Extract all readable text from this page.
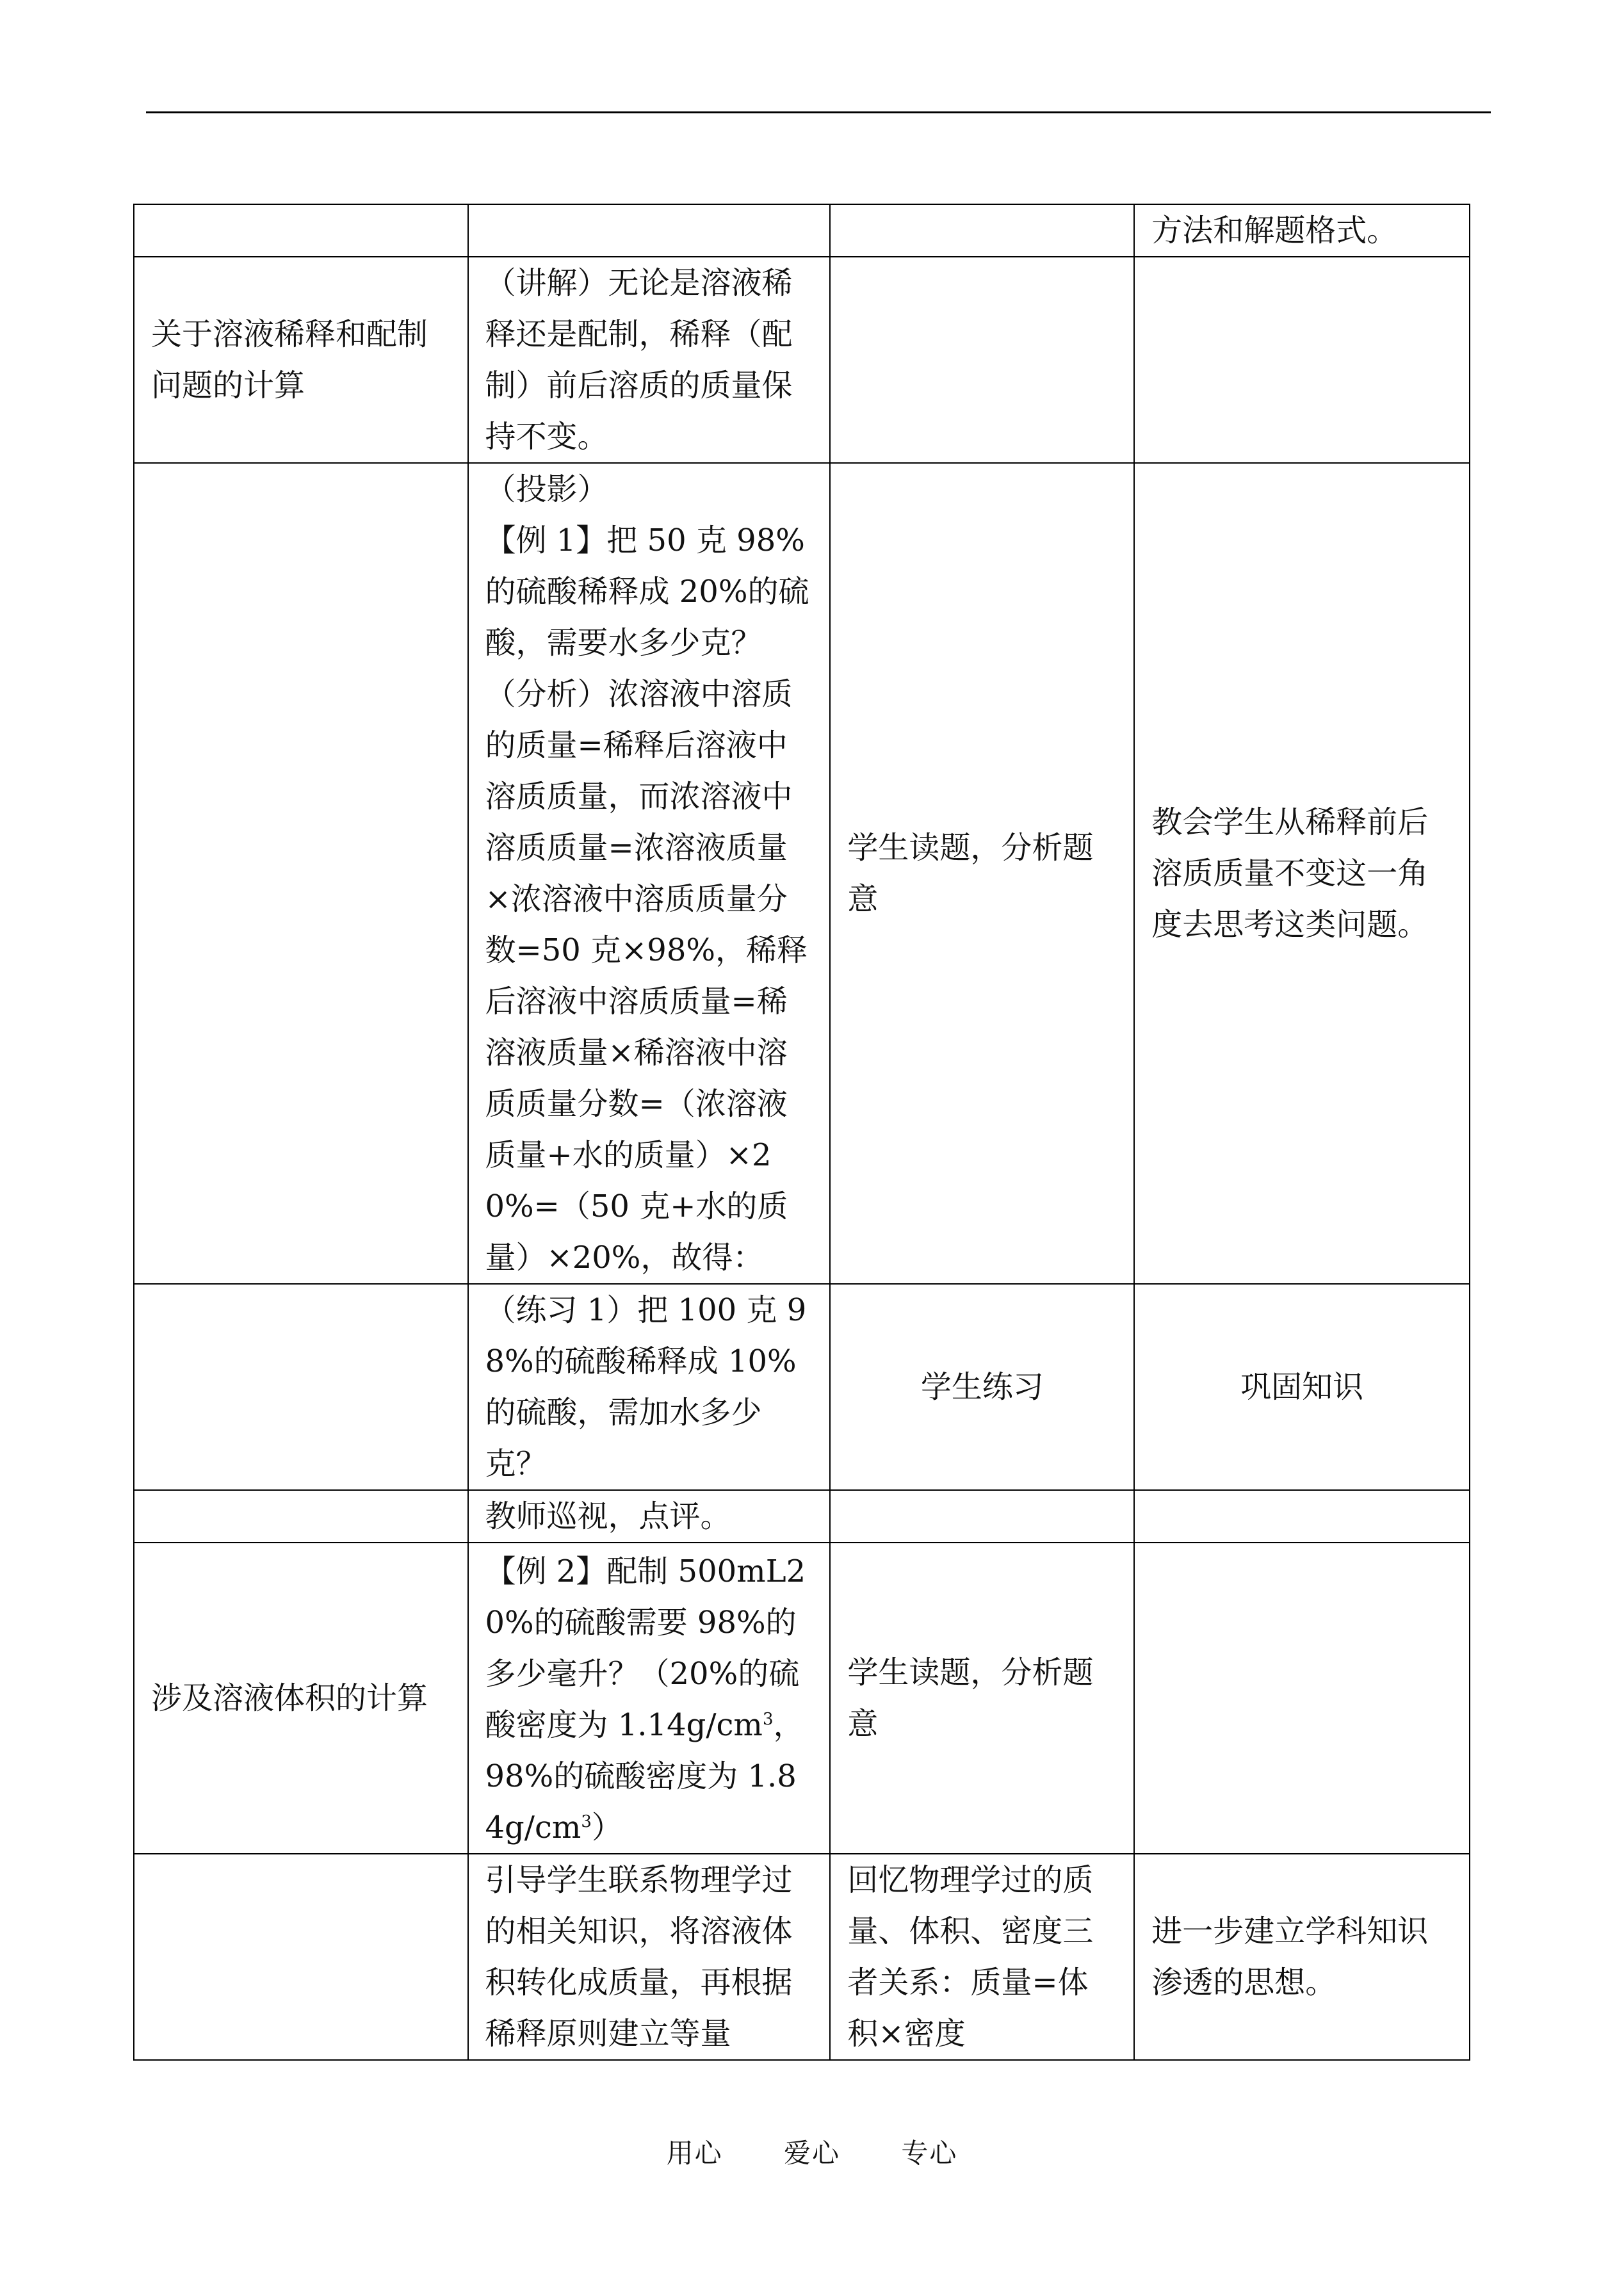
			方法和解题格式。
关于溶液稀释和配制问题的计算	（讲解）无论是溶液稀释还是配制，稀释（配制）前后溶质的质量保持不变。		

	（投影）
【例 1】把 50 克 98%的硫酸稀释成 20%的硫酸，需要水多少克？
（分析）浓溶液中溶质的质量=稀释后溶液中溶质质量，而浓溶液中溶质质量=浓溶液质量×浓溶液中溶质质量分数=50 克×98%，稀释后溶液中溶质质量=稀溶液质量×稀溶液中溶质质量分数=（浓溶液质量+水的质量）×20%=（50 克+水的质量）×20%，故得：	学生读题，分析题意	教会学生从稀释前后溶质质量不变这一角度去思考这类问题。
	（练习 1）把 100 克 98%的硫酸稀释成 10%的硫酸，需加水多少克？	学生练习	巩固知识
	教师巡视，点评。		
涉及溶液体积的计算	【例 2】配制 500mL20%的硫酸需要 98%的多少毫升？（20%的硫酸密度为 $1.14g/cm^3$，98%的硫酸密度为 $1.84g/cm^3$）	学生读题，分析题意	
	引导学生联系物理学过的相关知识，将溶液体积转化成质量，再根据稀释原则建立等量	回忆物理学过的质量、体积、密度三者关系：质量=体积×密度	进一步建立学科知识渗透的思想。
用心 爱心 专心
